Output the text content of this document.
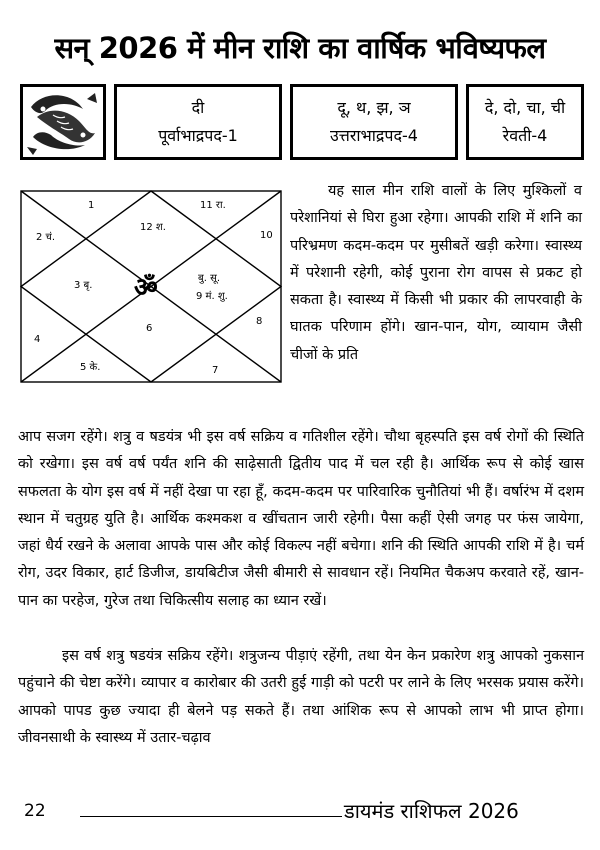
सन् 2026 में मीन राशि का वार्षिक भविष्यफल
दी
पूर्वाभाद्रपद-1
दू, थ, झ, ञ
उत्तराभाद्रपद-4
दे, दो, चा, ची
रेवती-4
1
2 चं.
3 बृ.
4
5 के.
6
7
8
बु. सू.
9 मं. शु.
10
11 रा.
12 श.
ॐ
यह साल मीन राशि वालों के लिए मुश्किलों व परेशानियां से घिरा हुआ रहेगा। आपकी राशि में शनि का परिभ्रमण कदम-कदम पर मुसीबतें खड़ी करेगा। स्वास्थ्य में परेशानी रहेगी, कोई पुराना रोग वापस से प्रकट हो सकता है। स्वास्थ्य में किसी भी प्रकार की लापरवाही के घातक परिणाम होंगे। खान-पान, योग, व्यायाम जैसी चीजों के प्रति
आप सजग रहेंगे। शत्रु व षडयंत्र भी इस वर्ष सक्रिय व गतिशील रहेंगे। चौथा बृहस्पति इस वर्ष रोगों की स्थिति को रखेगा। इस वर्ष वर्ष पर्यंत शनि की साढ़ेसाती द्वितीय पाद में चल रही है। आर्थिक रूप से कोई खास सफलता के योग इस वर्ष में नहीं देखा पा रहा हूँ, कदम-कदम पर पारिवारिक चुनौतियां भी हैं। वर्षारंभ में दशम स्थान में चतुग्रह युति है। आर्थिक कश्मकश व खींचतान जारी रहेगी। पैसा कहीं ऐसी जगह पर फंस जायेगा, जहां धैर्य रखने के अलावा आपके पास और कोई विकल्प नहीं बचेगा। शनि की स्थिति आपकी राशि में है। चर्म रोग, उदर विकार, हार्ट डिजीज, डायबिटीज जैसी बीमारी से सावधान रहें। नियमित चैकअप करवाते रहें, खान-पान का परहेज, गुरेज तथा चिकित्सीय सलाह का ध्यान रखें।
इस वर्ष शत्रु षडयंत्र सक्रिय रहेंगे। शत्रुजन्य पीड़ाएं रहेंगी, तथा येन केन प्रकारेण शत्रु आपको नुकसान पहुंचाने की चेष्टा करेंगे। व्यापार व कारोबार की उतरी हुई गाड़ी को पटरी पर लाने के लिए भरसक प्रयास करेंगे। आपको पापड कुछ ज्यादा ही बेलने पड़ सकते हैं। तथा आंशिक रूप से आपको लाभ भी प्राप्त होगा। जीवनसाथी के स्वास्थ्य में उतार-चढ़ाव
22	डायमंड राशिफल 2026
